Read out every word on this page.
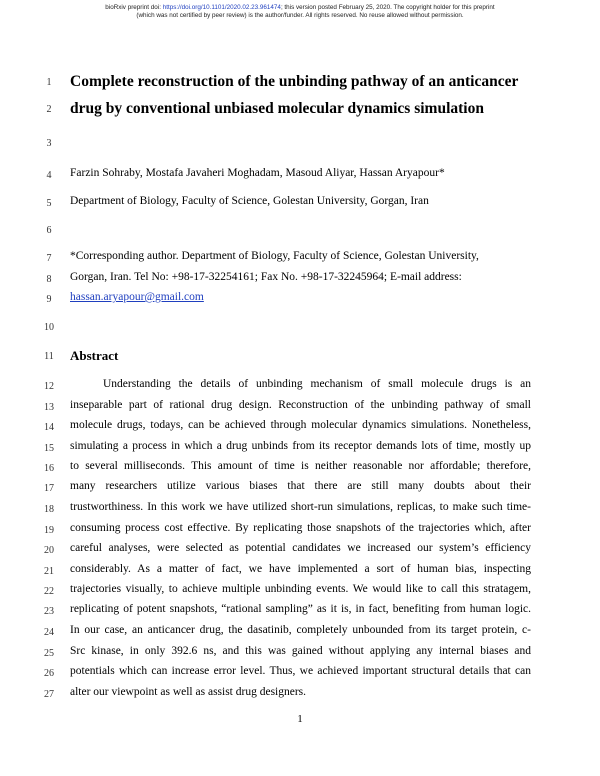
bioRxiv preprint doi: https://doi.org/10.1101/2020.02.23.961474; this version posted February 25, 2020. The copyright holder for this preprint
(which was not certified by peer review) is the author/funder. All rights reserved. No reuse allowed without permission.
1
2
3
4
5
6
7
8
9
10
11
12
13
14
15
16
17
18
19
20
21
22
23
24
25
26
27
Complete reconstruction of the unbinding pathway of an anticancer
drug by conventional unbiased molecular dynamics simulation
Farzin Sohraby, Mostafa Javaheri Moghadam, Masoud Aliyar, Hassan Aryapour*
Department of Biology, Faculty of Science, Golestan University, Gorgan, Iran
*Corresponding author. Department of Biology, Faculty of Science, Golestan University,
Gorgan, Iran. Tel No: +98-17-32254161; Fax No. +98-17-32245964; E-mail address:
hassan.aryapour@gmail.com
Abstract
Understanding the details of unbinding mechanism of small molecule drugs is an
inseparable part of rational drug design. Reconstruction of the unbinding pathway of small
molecule drugs, todays, can be achieved through molecular dynamics simulations. Nonetheless,
simulating a process in which a drug unbinds from its receptor demands lots of time, mostly up
to several milliseconds. This amount of time is neither reasonable nor affordable; therefore,
many researchers utilize various biases that there are still many doubts about their
trustworthiness. In this work we have utilized short-run simulations, replicas, to make such time-
consuming process cost effective. By replicating those snapshots of the trajectories which, after
careful analyses, were selected as potential candidates we increased our system’s efficiency
considerably. As a matter of fact, we have implemented a sort of human bias, inspecting
trajectories visually, to achieve multiple unbinding events. We would like to call this stratagem,
replicating of potent snapshots, “rational sampling” as it is, in fact, benefiting from human logic.
In our case, an anticancer drug, the dasatinib, completely unbounded from its target protein, c-
Src kinase, in only 392.6 ns, and this was gained without applying any internal biases and
potentials which can increase error level. Thus, we achieved important structural details that can
alter our viewpoint as well as assist drug designers.
1
